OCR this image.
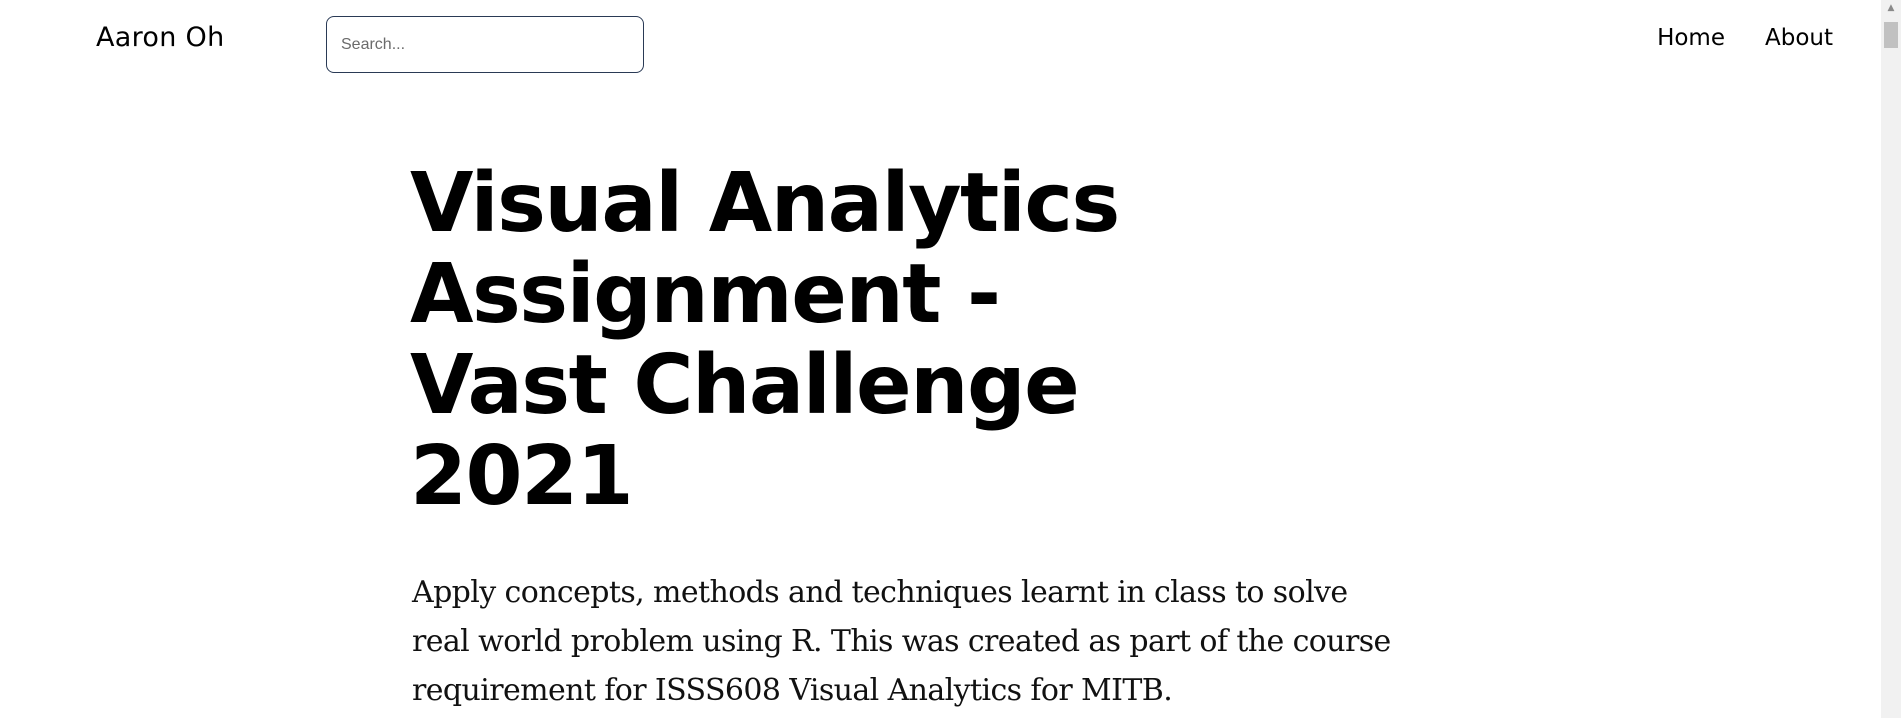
Aaron Oh
Search...	Home About
Visual Analytics Assignment - Vast Challenge 2021

Apply concepts, methods and techniques learnt in class to solve real world problem using R. This was created as part of the course requirement for ISSS608 Visual Analytics for MITB.

▲
